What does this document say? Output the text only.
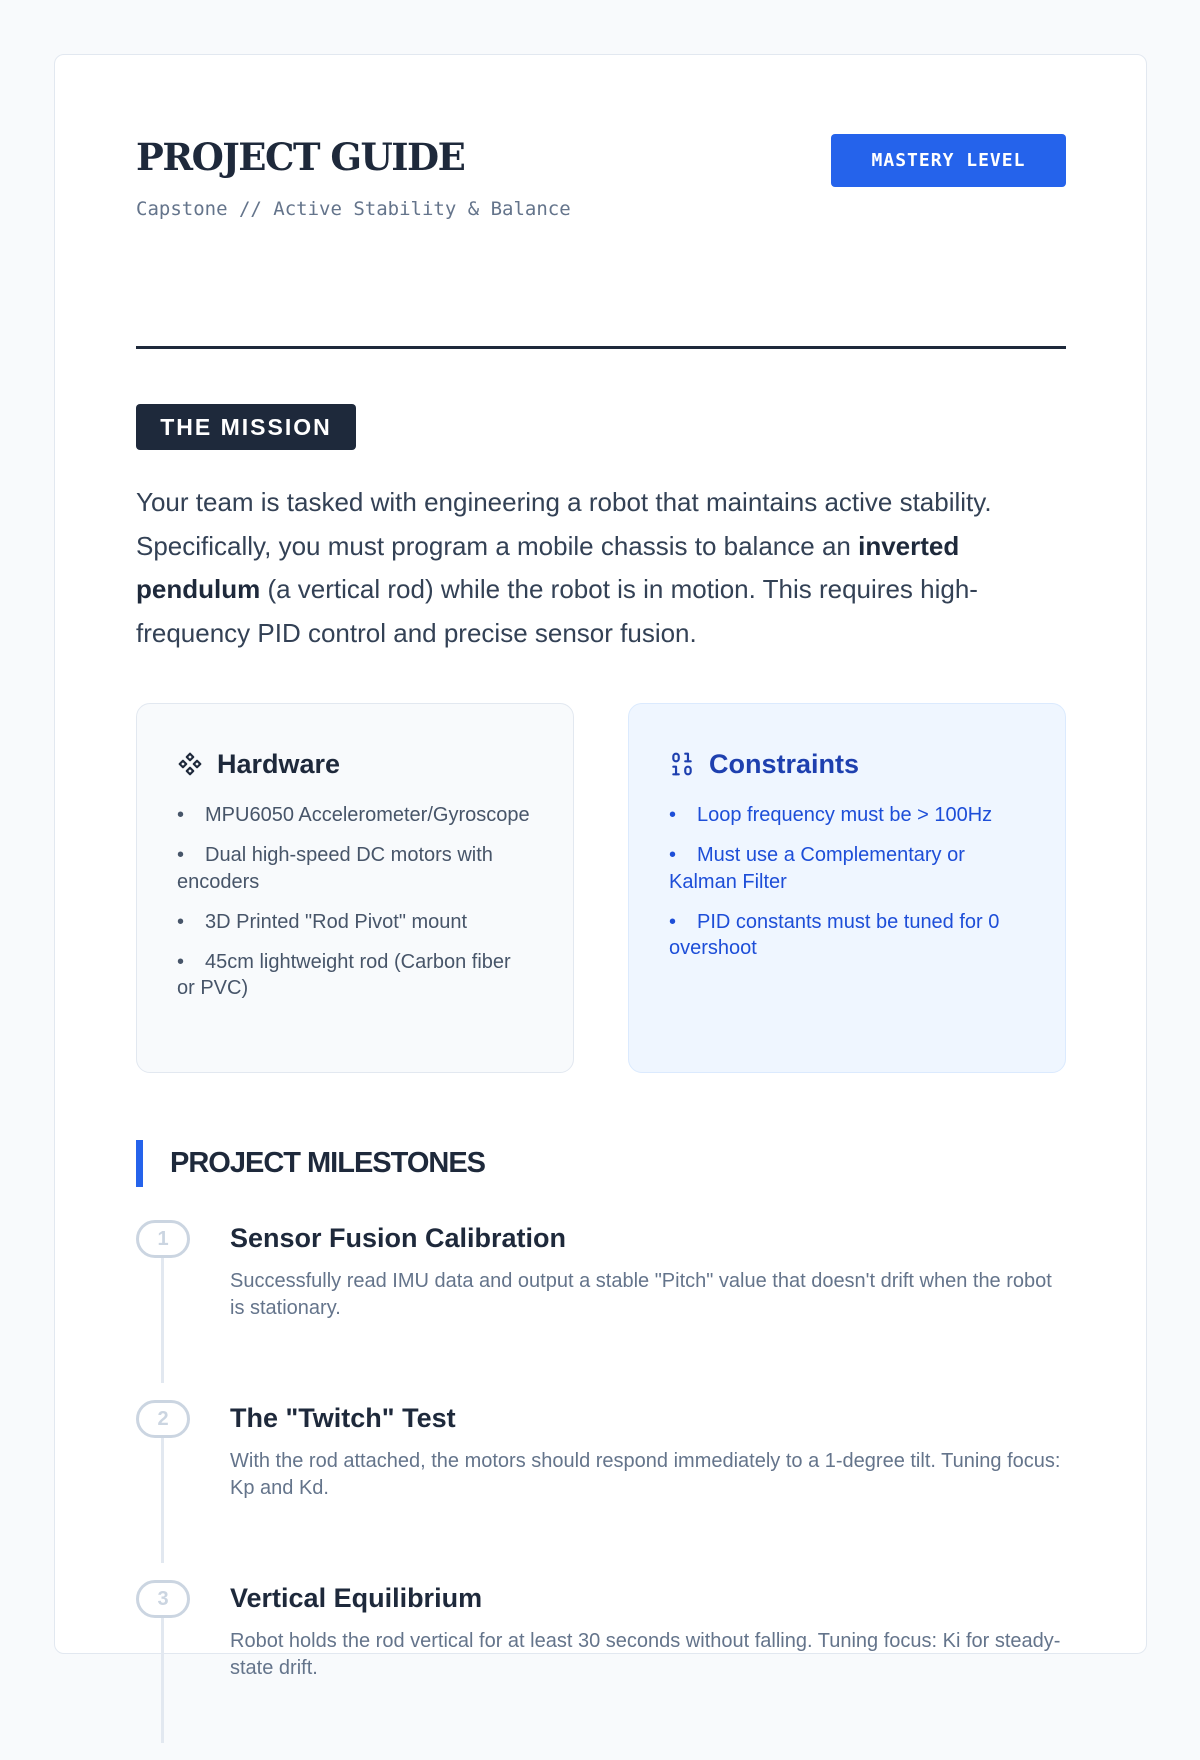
PROJECT GUIDE
Capstone // Active Stability & Balance
MASTERY LEVEL
THE MISSION

Your team is tasked with engineering a robot that maintains active stability. Specifically, you must program a mobile chassis to balance an inverted pendulum (a vertical rod) while the robot is in motion. This requires high-frequency PID control and precise sensor fusion.

Hardware
• MPU6050 Accelerometer/Gyroscope
• Dual high-speed DC motors with encoders
• 3D Printed "Rod Pivot" mount
• 45cm lightweight rod (Carbon fiber or PVC)
Constraints
• Loop frequency must be > 100Hz
• Must use a Complementary or Kalman Filter
• PID constants must be tuned for 0 overshoot
PROJECT MILESTONES
1	Sensor Fusion Calibration
Successfully read IMU data and output a stable "Pitch" value that doesn't drift when the robot is stationary.
2	The "Twitch" Test
With the rod attached, the motors should respond immediately to a 1-degree tilt. Tuning focus: Kp and Kd.
3	Vertical Equilibrium
Robot holds the rod vertical for at least 30 seconds without falling. Tuning focus: Ki for steady-state drift.
